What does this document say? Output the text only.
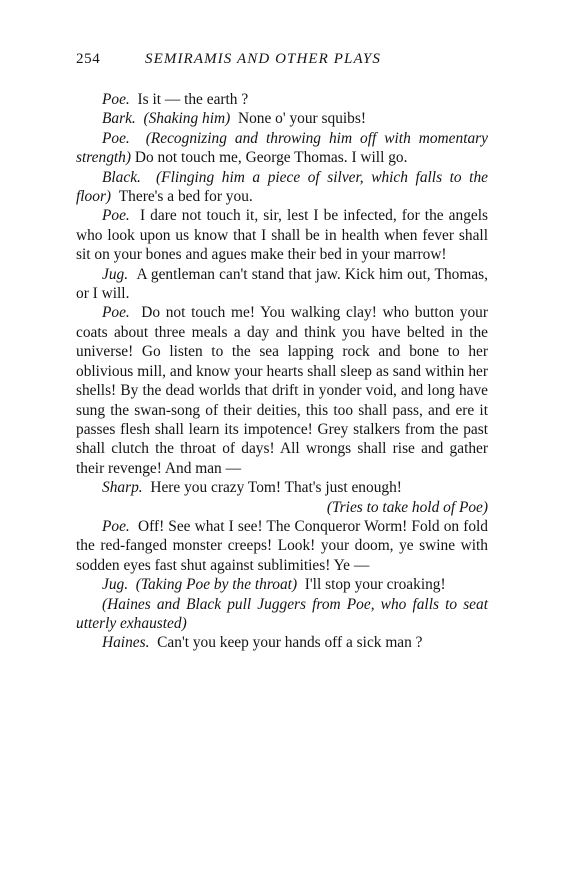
254	SEMIRAMIS AND OTHER PLAYS

Poe. Is it — the earth ?

Bark. (Shaking him) None o' your squibs!

Poe. (Recognizing and throwing him off with momentary strength) Do not touch me, George Thomas. I will go.

Black. (Flinging him a piece of silver, which falls to the floor) There's a bed for you.

Poe. I dare not touch it, sir, lest I be infected, for the angels who look upon us know that I shall be in health when fever shall sit on your bones and agues make their bed in your marrow!

Jug. A gentleman can't stand that jaw. Kick him out, Thomas, or I will.

Poe. Do not touch me! You walking clay! who button your coats about three meals a day and think you have belted in the universe! Go listen to the sea lapping rock and bone to her oblivious mill, and know your hearts shall sleep as sand within her shells! By the dead worlds that drift in yonder void, and long have sung the swan-song of their deities, this too shall pass, and ere it passes flesh shall learn its impotence! Grey stalkers from the past shall clutch the throat of days! All wrongs shall rise and gather their revenge! And man —

Sharp. Here you crazy Tom! That's just enough!

(Tries to take hold of Poe)

Poe. Off! See what I see! The Conqueror Worm! Fold on fold the red-fanged monster creeps! Look! your doom, ye swine with sodden eyes fast shut against sublimities! Ye —

Jug. (Taking Poe by the throat) I'll stop your croaking!

(Haines and Black pull Juggers from Poe, who falls to seat utterly exhausted)

Haines. Can't you keep your hands off a sick man ?
